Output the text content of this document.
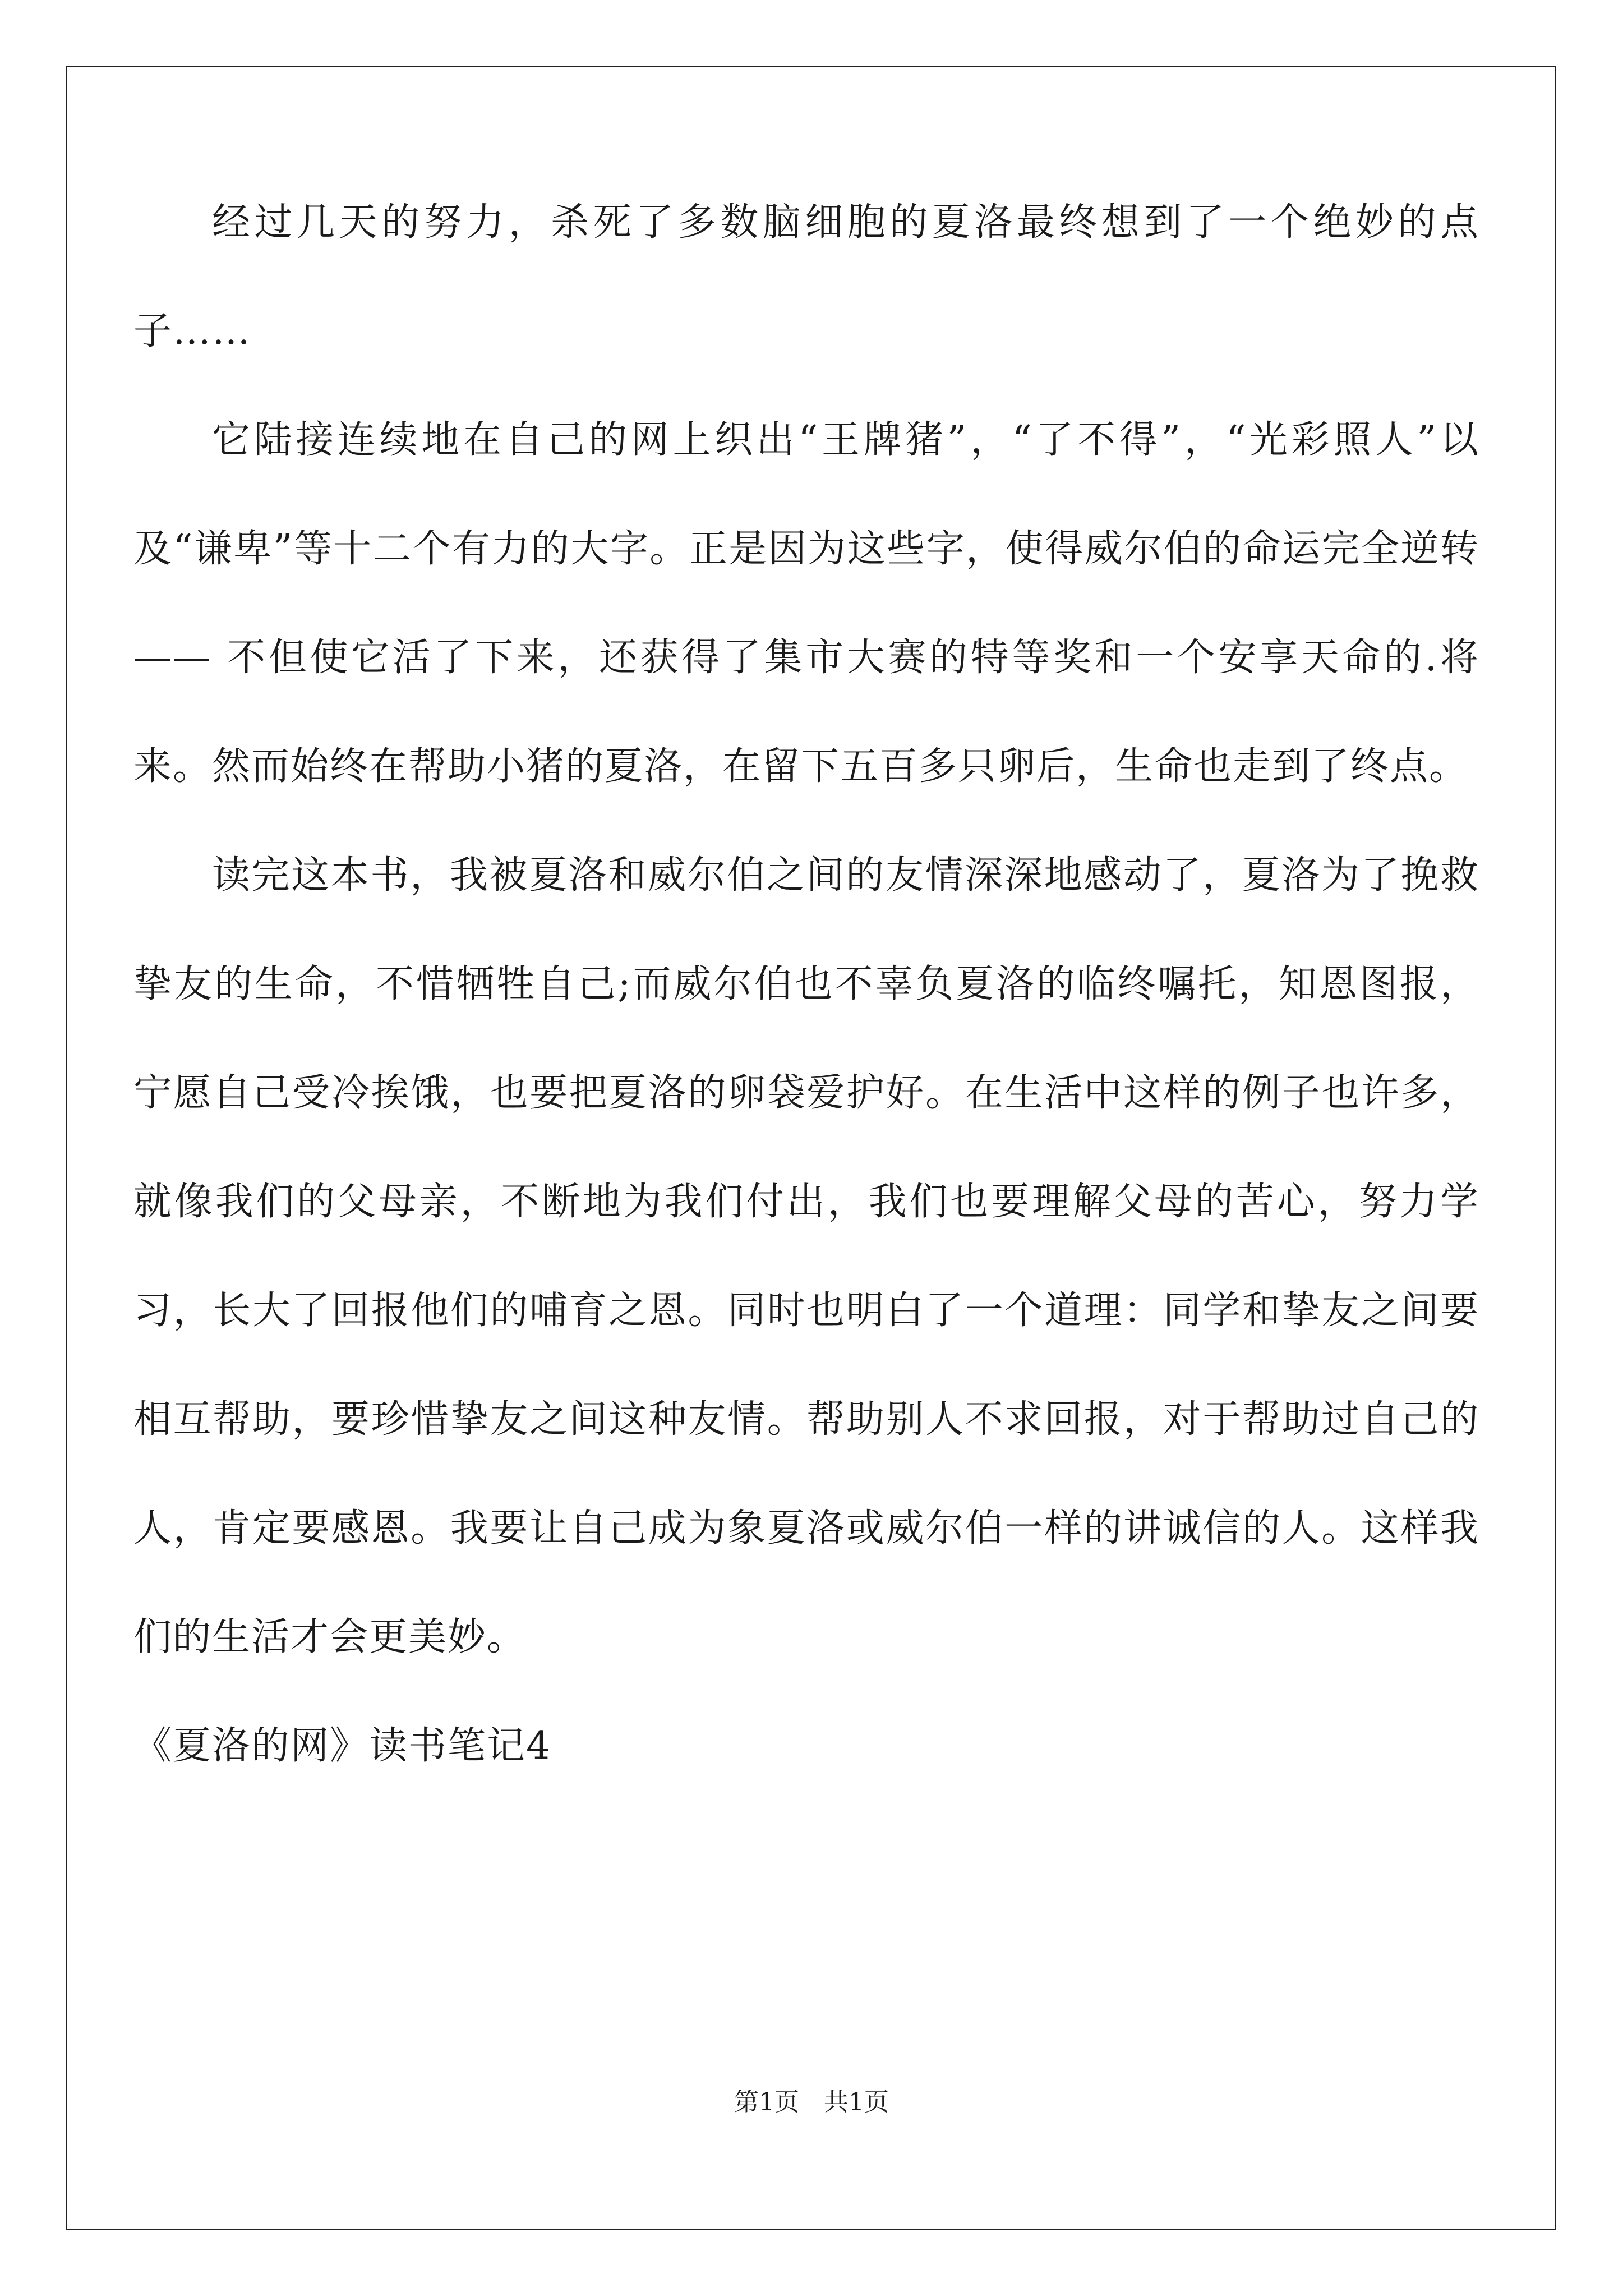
经过几天的努力，杀死了多数脑细胞的夏洛最终想到了一个绝妙的点子……

它陆接连续地在自己的网上织出“王牌猪”，“了不得”，“光彩照人”以及“谦卑”等十二个有力的大字。正是因为这些字，使得威尔伯的命运完全逆转 —— 不但使它活了下来，还获得了集市大赛的特等奖和一个安享天命的.将来。然而始终在帮助小猪的夏洛，在留下五百多只卵后，生命也走到了终点。

读完这本书，我被夏洛和威尔伯之间的友情深深地感动了，夏洛为了挽救挚友的生命，不惜牺牲自己;而威尔伯也不辜负夏洛的临终嘱托，知恩图报，宁愿自己受冷挨饿，也要把夏洛的卵袋爱护好。在生活中这样的例子也许多，就像我们的父母亲，不断地为我们付出，我们也要理解父母的苦心，努力学习，长大了回报他们的哺育之恩。同时也明白了一个道理：同学和挚友之间要相互帮助，要珍惜挚友之间这种友情。帮助别人不求回报，对于帮助过自己的人，肯定要感恩。我要让自己成为象夏洛或威尔伯一样的讲诚信的人。这样我们的生活才会更美妙。

《夏洛的网》读书笔记4

第1页 共1页
